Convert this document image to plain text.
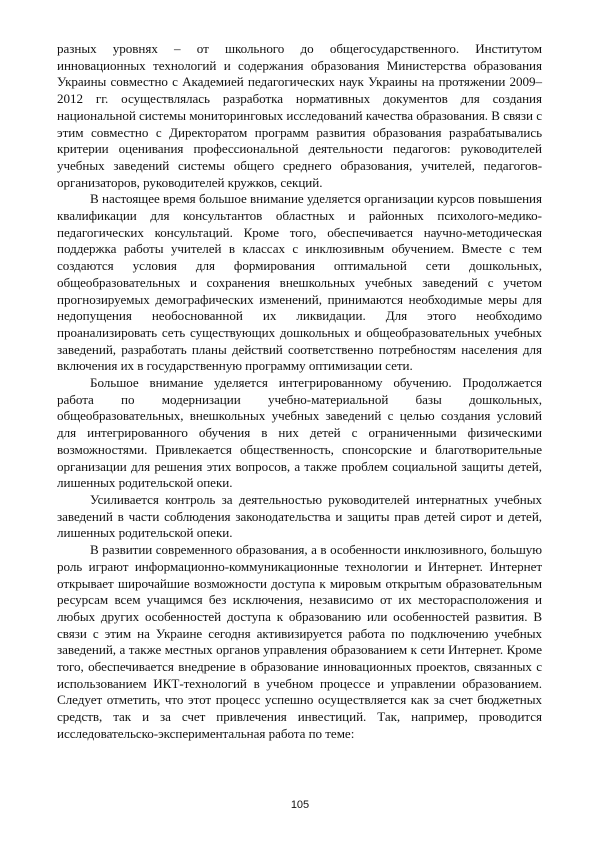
разных уровнях – от школьного до общегосударственного. Институтом инновационных технологий и содержания образования Министерства образования Украины совместно с Академией педагогических наук Украины на протяжении 2009–2012 гг. осуществлялась разработка нормативных документов для создания национальной системы мониторинговых исследований качества образования. В связи с этим совместно с Директоратом программ развития образования разрабатывались критерии оценивания профессиональной деятельности педагогов: руководителей учебных заведений системы общего среднего образования, учителей, педагогов-организаторов, руководителей кружков, секций.

В настоящее время большое внимание уделяется организации курсов повышения квалификации для консультантов областных и районных психолого-медико-педагогических консультаций. Кроме того, обеспечивается научно-методическая поддержка работы учителей в классах с инклюзивным обучением. Вместе с тем создаются условия для формирования оптимальной сети дошкольных, общеобразовательных и сохранения внешкольных учебных заведений с учетом прогнозируемых демографических изменений, принимаются необходимые меры для недопущения необоснованной их ликвидации. Для этого необходимо проанализировать сеть существующих дошкольных и общеобразовательных учебных заведений, разработать планы действий соответственно потребностям населения для включения их в государственную программу оптимизации сети.

Большое внимание уделяется интегрированному обучению. Продолжается работа по модернизации учебно-материальной базы дошкольных, общеобразовательных, внешкольных учебных заведений с целью создания условий для интегрированного обучения в них детей с ограниченными физическими возможностями. Привлекается общественность, спонсорские и благотворительные организации для решения этих вопросов, а также проблем социальной защиты детей, лишенных родительской опеки.

Усиливается контроль за деятельностью руководителей интернатных учебных заведений в части соблюдения законодательства и защиты прав детей сирот и детей, лишенных родительской опеки.

В развитии современного образования, а в особенности инклюзивного, большую роль играют информационно-коммуникационные технологии и Интернет. Интернет открывает широчайшие возможности доступа к мировым открытым образовательным ресурсам всем учащимся без исключения, независимо от их месторасположения и любых других особенностей доступа к образованию или особенностей развития. В связи с этим на Украине сегодня активизируется работа по подключению учебных заведений, а также местных органов управления образованием к сети Интернет. Кроме того, обеспечивается внедрение в образование инновационных проектов, связанных с использованием ИКТ-технологий в учебном процессе и управлении образованием. Следует отметить, что этот процесс успешно осуществляется как за счет бюджетных средств, так и за счет привлечения инвестиций. Так, например, проводится исследовательско-экспериментальная работа по теме:

105
